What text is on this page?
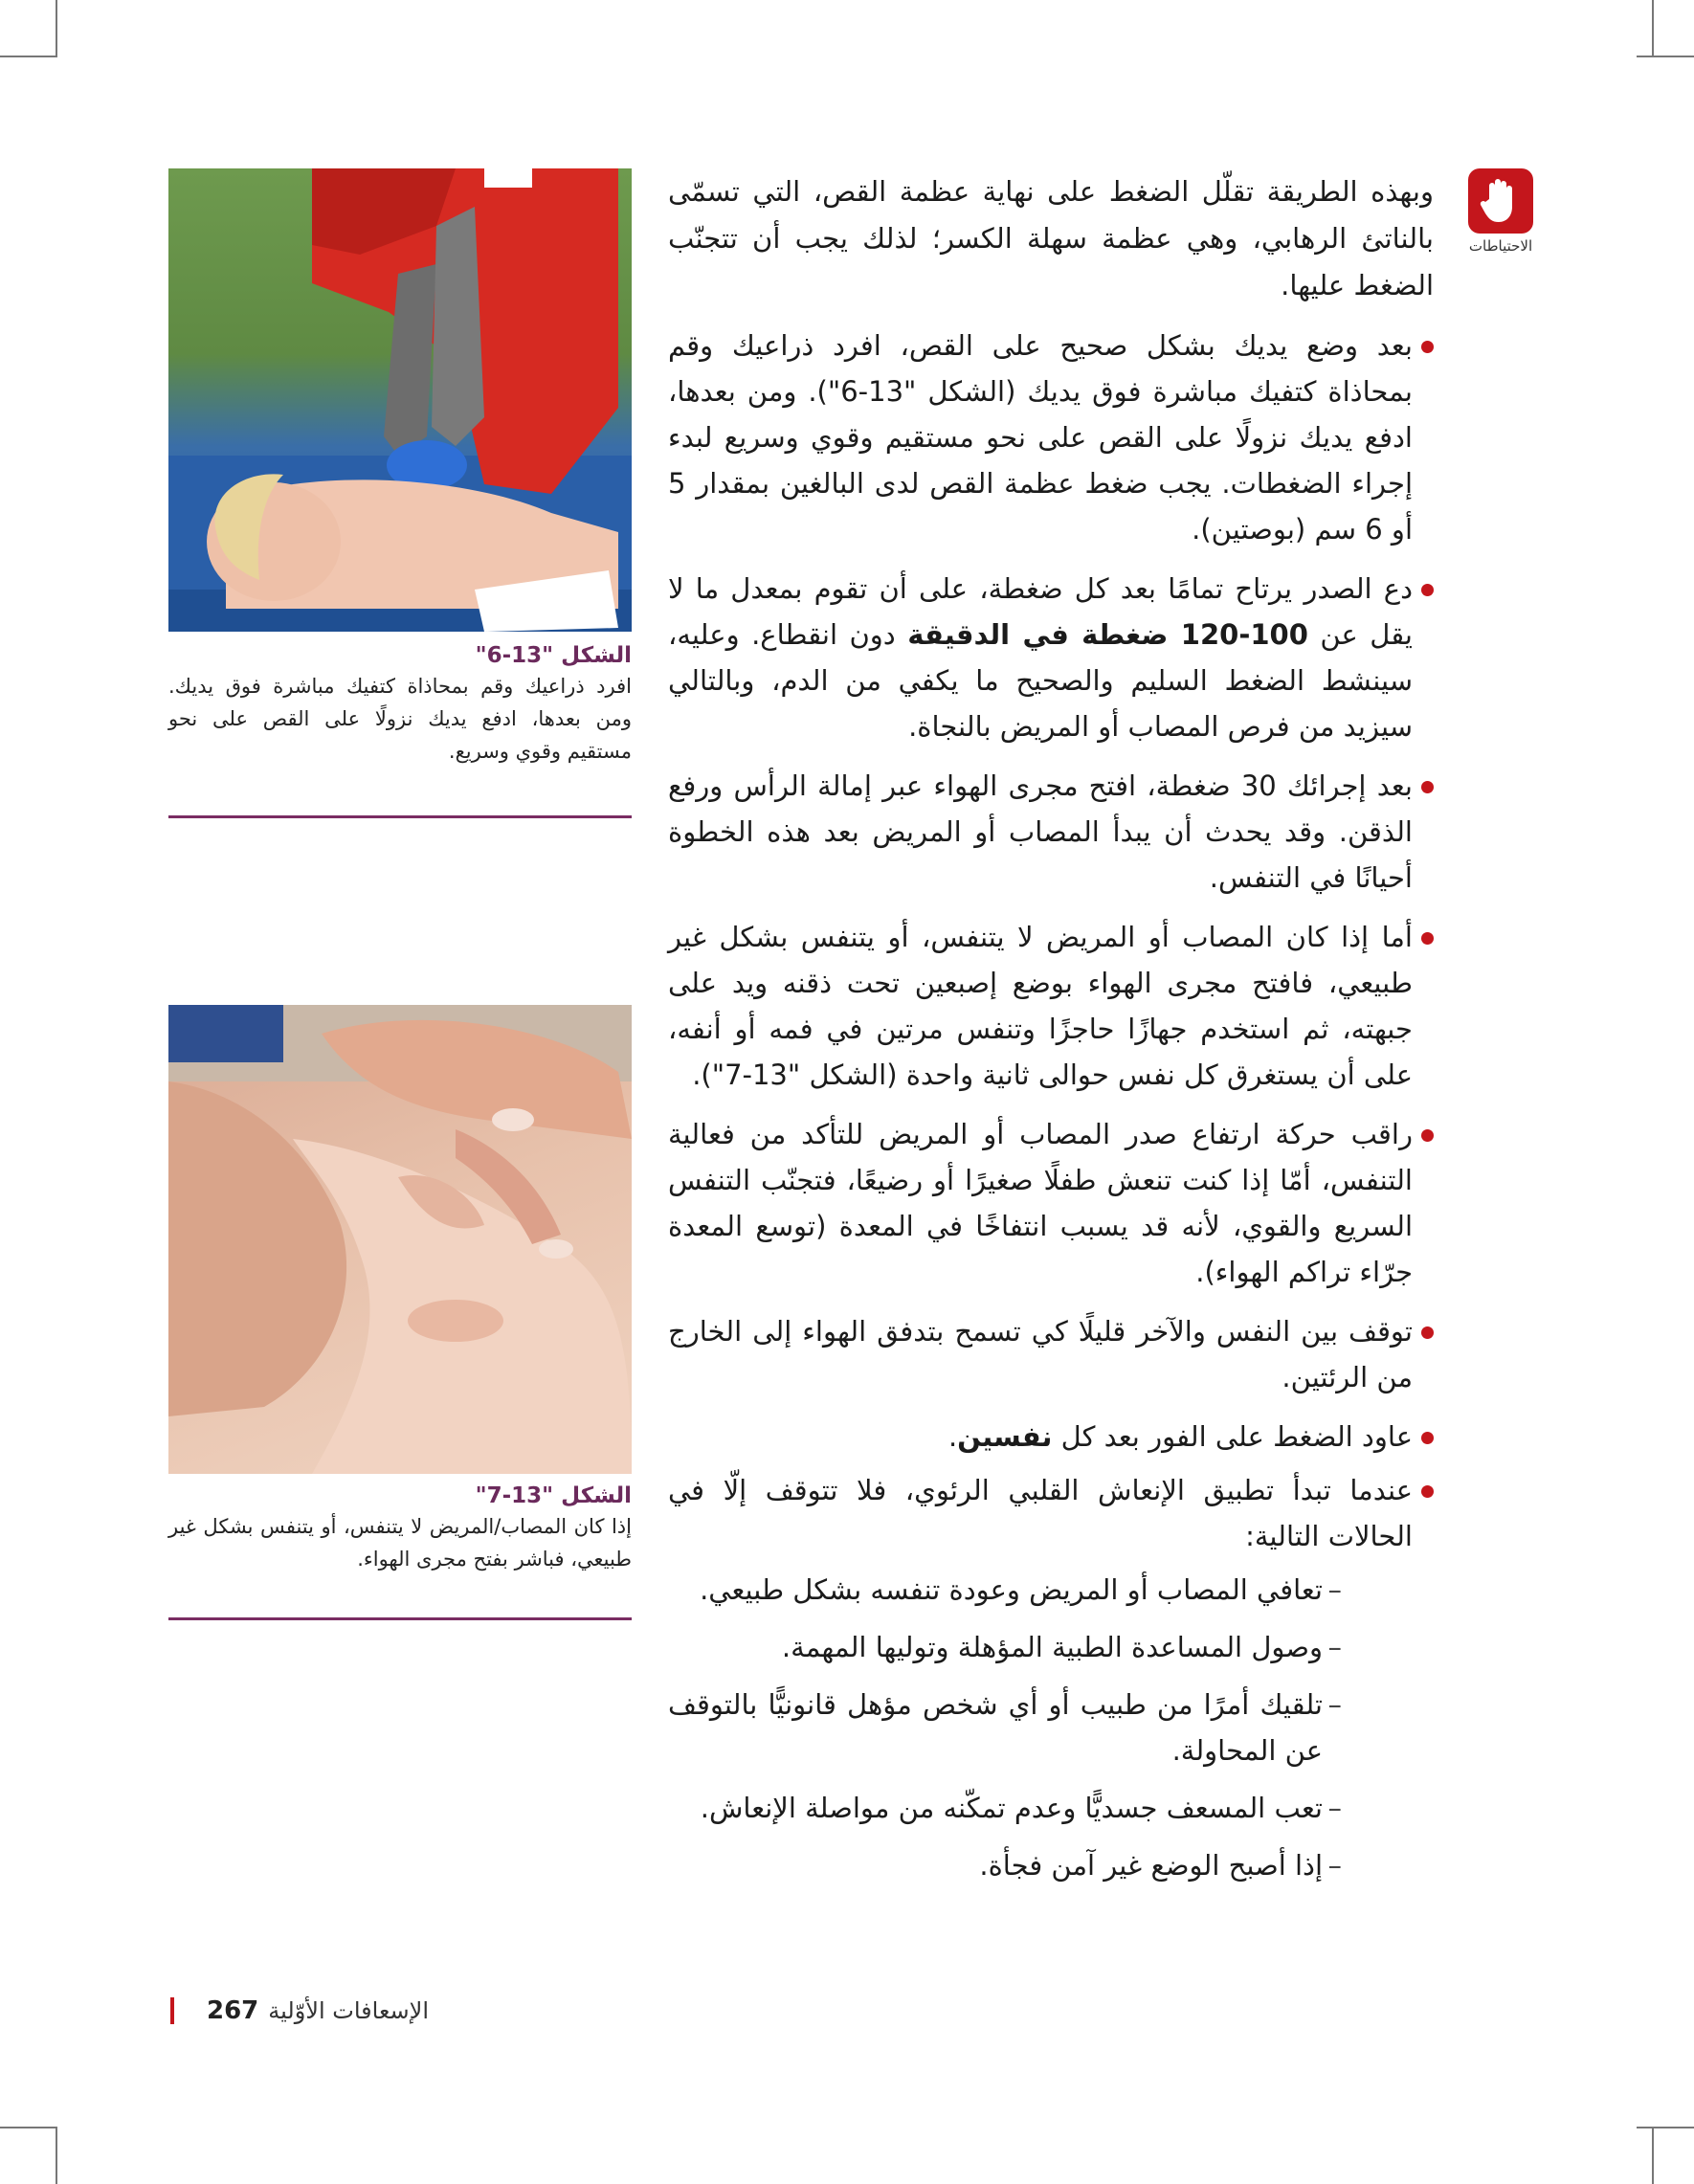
الاحتياطات

وبهذه الطريقة تقلّل الضغط على نهاية عظمة القص، التي تسمّى بالناتئ الرهابي، وهي عظمة سهلة الكسر؛ لذلك يجب أن تتجنّب الضغط عليها.

بعد وضع يديك بشكل صحيح على القص، افرد ذراعيك وقم بمحاذاة كتفيك مباشرة فوق يديك (الشكل "13-6"). ومن بعدها، ادفع يديك نزولًا على القص على نحو مستقيم وقوي وسريع لبدء إجراء الضغطات. يجب ضغط عظمة القص لدى البالغين بمقدار 5 أو 6 سم (بوصتين).
دع الصدر يرتاح تمامًا بعد كل ضغطة، على أن تقوم بمعدل ما لا يقل عن 100-120 ضغطة في الدقيقة دون انقطاع. وعليه، سينشط الضغط السليم والصحيح ما يكفي من الدم، وبالتالي سيزيد من فرص المصاب أو المريض بالنجاة.
بعد إجرائك 30 ضغطة، افتح مجرى الهواء عبر إمالة الرأس ورفع الذقن. وقد يحدث أن يبدأ المصاب أو المريض بعد هذه الخطوة أحيانًا في التنفس.
أما إذا كان المصاب أو المريض لا يتنفس، أو يتنفس بشكل غير طبيعي، فافتح مجرى الهواء بوضع إصبعين تحت ذقنه ويد على جبهته، ثم استخدم جهازًا حاجزًا وتنفس مرتين في فمه أو أنفه، على أن يستغرق كل نفس حوالى ثانية واحدة (الشكل "13-7").
راقب حركة ارتفاع صدر المصاب أو المريض للتأكد من فعالية التنفس، أمّا إذا كنت تنعش طفلًا صغيرًا أو رضيعًا، فتجنّب التنفس السريع والقوي، لأنه قد يسبب انتفاخًا في المعدة (توسع المعدة جرّاء تراكم الهواء).
توقف بين النفس والآخر قليلًا كي تسمح بتدفق الهواء إلى الخارج من الرئتين.
عاود الضغط على الفور بعد كل نفسين.
عندما تبدأ تطبيق الإنعاش القلبي الرئوي، فلا تتوقف إلّا في الحالات التالية:
– تعافي المصاب أو المريض وعودة تنفسه بشكل طبيعي.
– وصول المساعدة الطبية المؤهلة وتوليها المهمة.
– تلقيك أمرًا من طبيب أو أي شخص مؤهل قانونيًّا بالتوقف عن المحاولة.
– تعب المسعف جسديًّا وعدم تمكّنه من مواصلة الإنعاش.
– إذا أصبح الوضع غير آمن فجأة.
الشكل "13-6"
افرد ذراعيك وقم بمحاذاة كتفيك مباشرة فوق يديك. ومن بعدها، ادفع يديك نزولًا على القص على نحو مستقيم وقوي وسريع.
الشكل "13-7"
إذا كان المصاب/المريض لا يتنفس، أو يتنفس بشكل غير طبيعي، فباشر بفتح مجرى الهواء.
267 الإسعافات الأوّلية
